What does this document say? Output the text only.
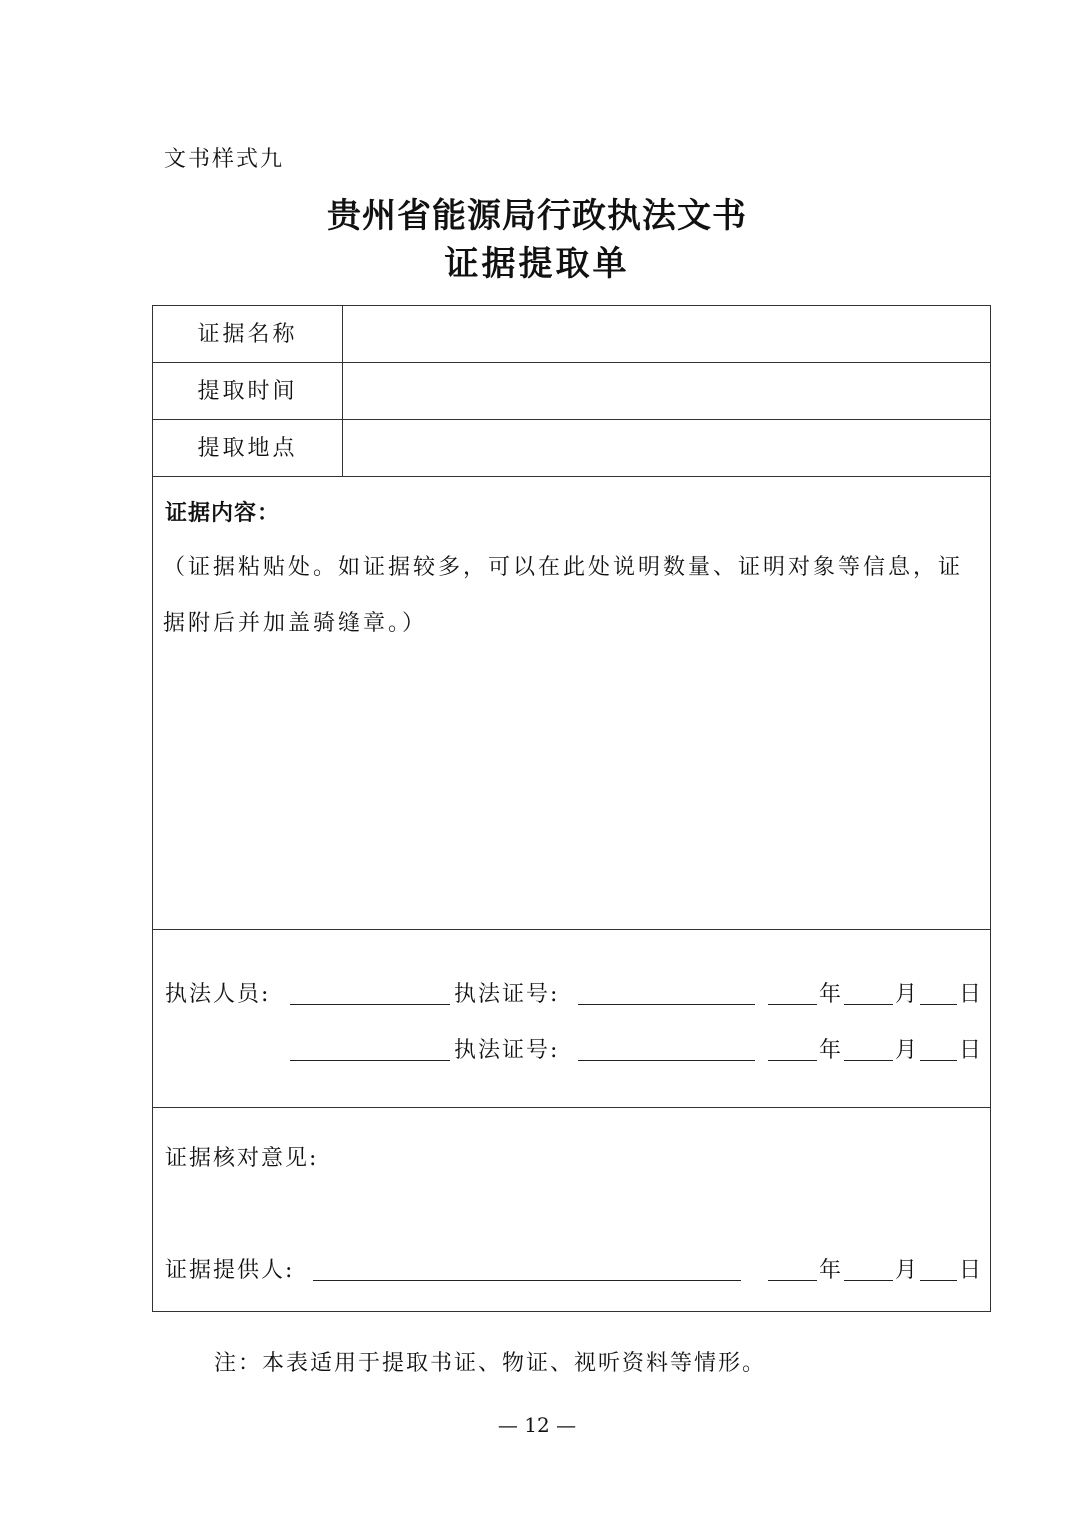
文书样式九
贵州省能源局行政执法文书
证据提取单
证据名称
提取时间
提取地点
证据内容：
（证据粘贴处。如证据较多，可以在此处说明数量、证明对象等信息，证
据附后并加盖骑缝章。）
执法人员:	执法证号:	年 月 日
执法证号:	年 月 日
证据核对意见:
证据提供人:	年 月 日
注：本表适用于提取书证、物证、视听资料等情形。
— 12 —
